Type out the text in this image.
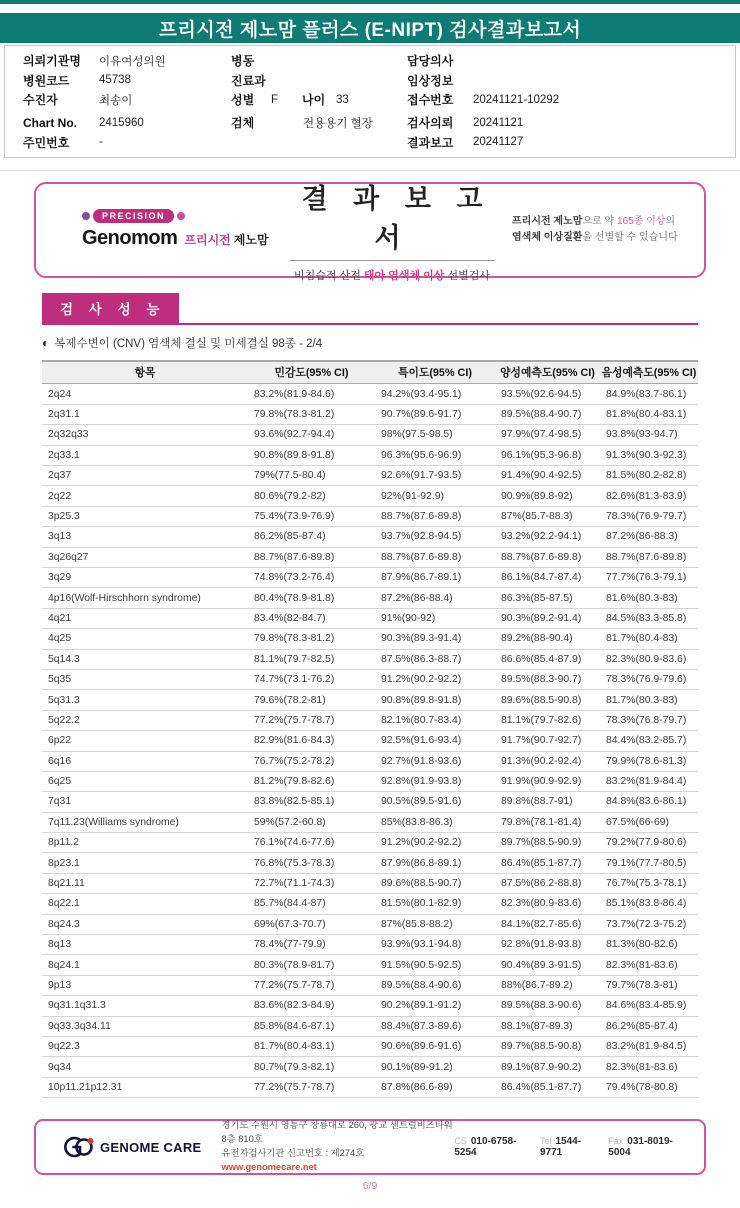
프리시전 제노맘 플러스 (E-NIPT) 검사결과보고서
의뢰기관명	이유여성의원
병원코드	45738
수진자	최송이
Chart No.	2415960
주민번호	-
병동
진료과
성별	F 나이 33
검체	전용용기 혈장
담당의사
임상정보
접수번호	20241121-10292
검사의뢰	20241121
결과보고	20241127
PRECISION
Genomom 프리시전 제노맘
결 과 보 고 서
비침습적 산전 태아 염색체 이상 선별검사
프리시전 제노맘으로 약 165종 이상의
염색체 이상질환을 선별할 수 있습니다
검 사 성 능
◐ 복제수변이 (CNV) 염색체 결실 및 미세결실 98종 - 2/4
항목	민감도(95% CI)	특이도(95% CI)	양성예측도(95% CI)	음성예측도(95% CI)
2q24	83.2%(81.9-84.6)	94.2%(93.4-95.1)	93.5%(92.6-94.5)	84.9%(83.7-86.1)
2q31.1	79.8%(78.3-81.2)	90.7%(89.6-91.7)	89.5%(88.4-90.7)	81.8%(80.4-83.1)
2q32q33	93.6%(92.7-94.4)	98%(97.5-98.5)	97.9%(97.4-98.5)	93.8%(93-94.7)
2q33.1	90.8%(89.8-91.8)	96.3%(95.6-96.9)	96.1%(95.3-96.8)	91.3%(90.3-92.3)
2q37	79%(77.5-80.4)	92.6%(91.7-93.5)	91.4%(90.4-92.5)	81.5%(80.2-82.8)
2q22	80.6%(79.2-82)	92%(91-92.9)	90.9%(89.8-92)	82.6%(81.3-83.9)
3p25.3	75.4%(73.9-76.9)	88.7%(87.6-89.8)	87%(85.7-88.3)	78.3%(76.9-79.7)
3q13	86.2%(85-87.4)	93.7%(92.8-94.5)	93.2%(92.2-94.1)	87.2%(86-88.3)
3q26q27	88.7%(87.6-89.8)	88.7%(87.6-89.8)	88.7%(87.6-89.8)	88.7%(87.6-89.8)
3q29	74.8%(73.2-76.4)	87.9%(86.7-89.1)	86.1%(84.7-87.4)	77.7%(76.3-79.1)
4p16(Wolf-Hirschhorn syndrome)	80.4%(78.9-81.8)	87.2%(86-88.4)	86.3%(85-87.5)	81.6%(80.3-83)
4q21	83.4%(82-84.7)	91%(90-92)	90.3%(89.2-91.4)	84.5%(83.3-85.8)
4q25	79.8%(78.3-81.2)	90.3%(89.3-91.4)	89.2%(88-90.4)	81.7%(80.4-83)
5q14.3	81.1%(79.7-82.5)	87.5%(86.3-88.7)	86.6%(85.4-87.9)	82.3%(80.9-83.6)
5q35	74.7%(73.1-76.2)	91.2%(90.2-92.2)	89.5%(88.3-90.7)	78.3%(76.9-79.6)
5q31.3	79.6%(78.2-81)	90.8%(89.8-91.8)	89.6%(88.5-90.8)	81.7%(80.3-83)
5q22.2	77.2%(75.7-78.7)	82.1%(80.7-83.4)	81.1%(79.7-82.6)	78.3%(76.8-79.7)
6p22	82.9%(81.6-84.3)	92.5%(91.6-93.4)	91.7%(90.7-92.7)	84.4%(83.2-85.7)
6q16	76.7%(75.2-78.2)	92.7%(91.8-93.6)	91.3%(90.2-92.4)	79.9%(78.6-81.3)
6q25	81.2%(79.8-82.6)	92.8%(91.9-93.8)	91.9%(90.9-92.9)	83.2%(81.9-84.4)
7q31	83.8%(82.5-85.1)	90.5%(89.5-91.6)	89.8%(88.7-91)	84.8%(83.6-86.1)
7q11.23(Williams syndrome)	59%(57.2-60.8)	85%(83.8-86.3)	79.8%(78.1-81.4)	67.5%(66-69)
8p11.2	76.1%(74.6-77.6)	91.2%(90.2-92.2)	89.7%(88.5-90.9)	79.2%(77.9-80.6)
8p23.1	76.8%(75.3-78.3)	87.9%(86.8-89.1)	86.4%(85.1-87.7)	79.1%(77.7-80.5)
8q21.11	72.7%(71.1-74.3)	89.6%(88.5-90.7)	87.5%(86.2-88.8)	76.7%(75.3-78.1)
8q22.1	85.7%(84.4-87)	81.5%(80.1-82.9)	82.3%(80.9-83.6)	85.1%(83.8-86.4)
8q24.3	69%(67.3-70.7)	87%(85.8-88.2)	84.1%(82.7-85.6)	73.7%(72.3-75.2)
8q13	78.4%(77-79.9)	93.9%(93.1-94.8)	92.8%(91.8-93.8)	81.3%(80-82.6)
8q24.1	80.3%(78.9-81.7)	91.5%(90.5-92.5)	90.4%(89.3-91.5)	82.3%(81-83.6)
9p13	77.2%(75.7-78.7)	89.5%(88.4-90.6)	88%(86.7-89.2)	79.7%(78.3-81)
9q31.1q31.3	83.6%(82.3-84.9)	90.2%(89.1-91.2)	89.5%(88.3-90.6)	84.6%(83.4-85.9)
9q33.3q34.11	85.8%(84.6-87.1)	88.4%(87.3-89.6)	88.1%(87-89.3)	86.2%(85-87.4)
9q22.3	81.7%(80.4-83.1)	90.6%(89.6-91.6)	89.7%(88.5-90.8)	83.2%(81.9-84.5)
9q34	80.7%(79.3-82.1)	90.1%(89-91.2)	89.1%(87.9-90.2)	82.3%(81-83.6)
10p11.21p12.31	77.2%(75.7-78.7)	87.8%(86.6-89)	86.4%(85.1-87.7)	79.4%(78-80.8)
GENOME CARE
경기도 수원시 영통구 창룡대로 260, 광교 센트럴비즈타워 8층 810호
유전자검사기관 신고번호 : 제274호
www.genomecare.net
CS 010-6758-5254
Tel 1544-9771
Fax 031-8019-5004
6/9
